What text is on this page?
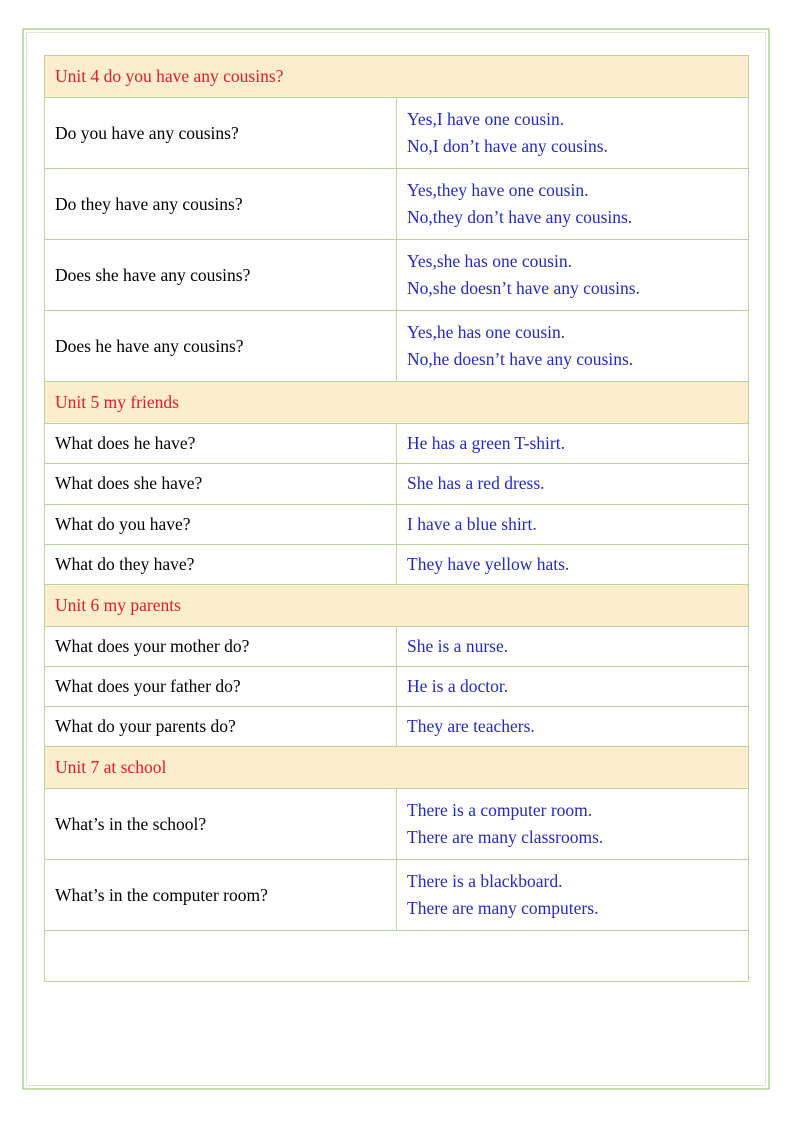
Unit 4 do you have any cousins?	
Do you have any cousins?	Yes,I have one cousin.
No,I don’t have any cousins.

Do they have any cousins?	Yes,they have one cousin.
No,they don’t have any cousins.

Does she have any cousins?	Yes,she has one cousin.
No,she doesn’t have any cousins.

Does he have any cousins?	Yes,he has one cousin.
No,he doesn’t have any cousins.

Unit 5 my friends	
What does he have?	He has a green T-shirt.
What does she have?	She has a red dress.
What do you have?	I have a blue shirt.
What do they have?	They have yellow hats.
Unit 6 my parents	
What does your mother do?	She is a nurse.
What does your father do?	He is a doctor.
What do your parents do?	They are teachers.
Unit 7 at school	
What’s in the school?	There is a computer room.
There are many classrooms.

What’s in the computer room?	There is a blackboard.
There are many computers.
